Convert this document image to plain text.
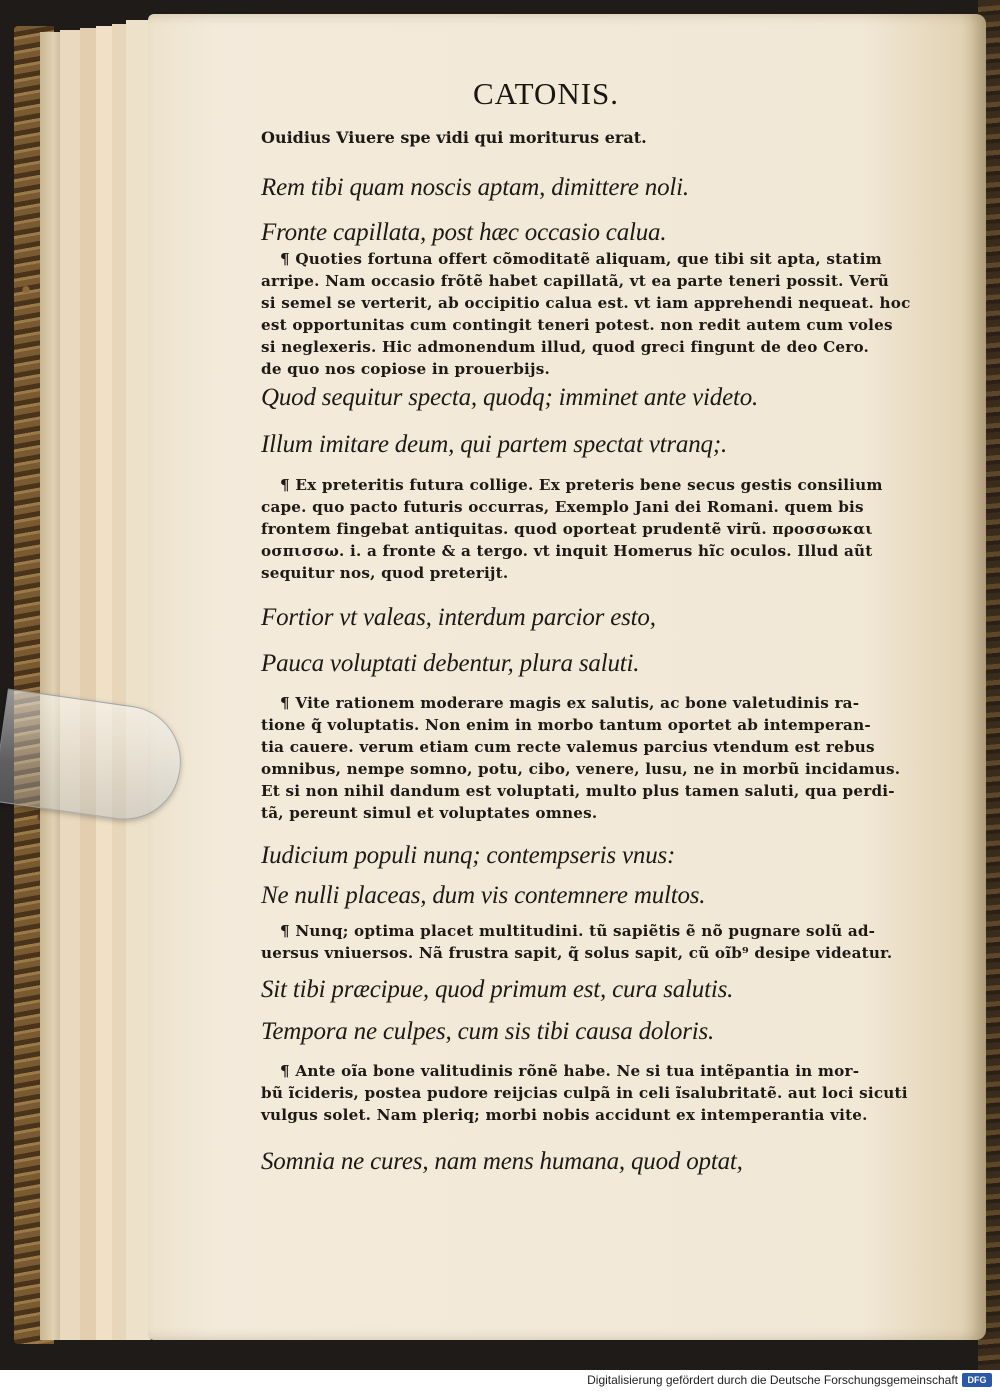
CATONIS.
Ouidius Viuere spe vidi qui moriturus erat.
Rem tibi quam noscis aptam, dimittere noli.
Fronte capillata, post hæc occasio calua.
¶ Quoties fortuna offert cõmoditatẽ aliquam, que tibi sit apta, statim
arripe. Nam occasio frõtẽ habet capillatã, vt ea parte teneri possit. Verũ
si semel se verterit, ab occipitio calua est. vt iam apprehendi nequeat. hoc
est opportunitas cum contingit teneri potest. non redit autem cum voles
si neglexeris. Hic admonendum illud, quod greci fingunt de deo Cero.
de quo nos copiose in prouerbijs.
Quod sequitur specta, quodq; imminet ante videto.
Illum imitare deum, qui partem spectat vtranq;.
¶ Ex preteritis futura collige. Ex preteris bene secus gestis consilium
cape. quo pacto futuris occurras, Exemplo Jani dei Romani. quem bis
frontem fingebat antiquitas. quod oporteat prudentẽ virũ. προσσωκαι
οσπισσω. i. a fronte & a tergo. vt inquit Homerus hĩc oculos. Illud aũt
sequitur nos, quod preterijt.
Fortior vt valeas, interdum parcior esto,
Pauca voluptati debentur, plura saluti.
¶ Vite rationem moderare magis ex salutis, ac bone valetudinis ra-
tione q̃ voluptatis. Non enim in morbo tantum oportet ab intemperan-
tia cauere. verum etiam cum recte valemus parcius vtendum est rebus
omnibus, nempe somno, potu, cibo, venere, lusu, ne in morbũ incidamus.
Et si non nihil dandum est voluptati, multo plus tamen saluti, qua perdi-
tã, pereunt simul et voluptates omnes.
Iudicium populi nunq; contempseris vnus:
Ne nulli placeas, dum vis contemnere multos.
¶ Nunq; optima placet multitudini. tũ sapiẽtis ẽ nõ pugnare solũ ad-
uersus vniuersos. Nã frustra sapit, q̃ solus sapit, cũ oĩb⁹ desipe videatur.
Sit tibi præcipue, quod primum est, cura salutis.
Tempora ne culpes, cum sis tibi causa doloris.
¶ Ante oĩa bone valitudinis rõnẽ habe. Ne si tua intẽpantia in mor-
bũ ĩcideris, postea pudore reijcias culpã in celi ĩsalubritatẽ. aut loci sicuti
vulgus solet. Nam pleriq; morbi nobis accidunt ex intemperantia vite.
Somnia ne cures, nam mens humana, quod optat,
Digitalisierung gefördert durch die Deutsche Forschungsgemeinschaft	DFG
